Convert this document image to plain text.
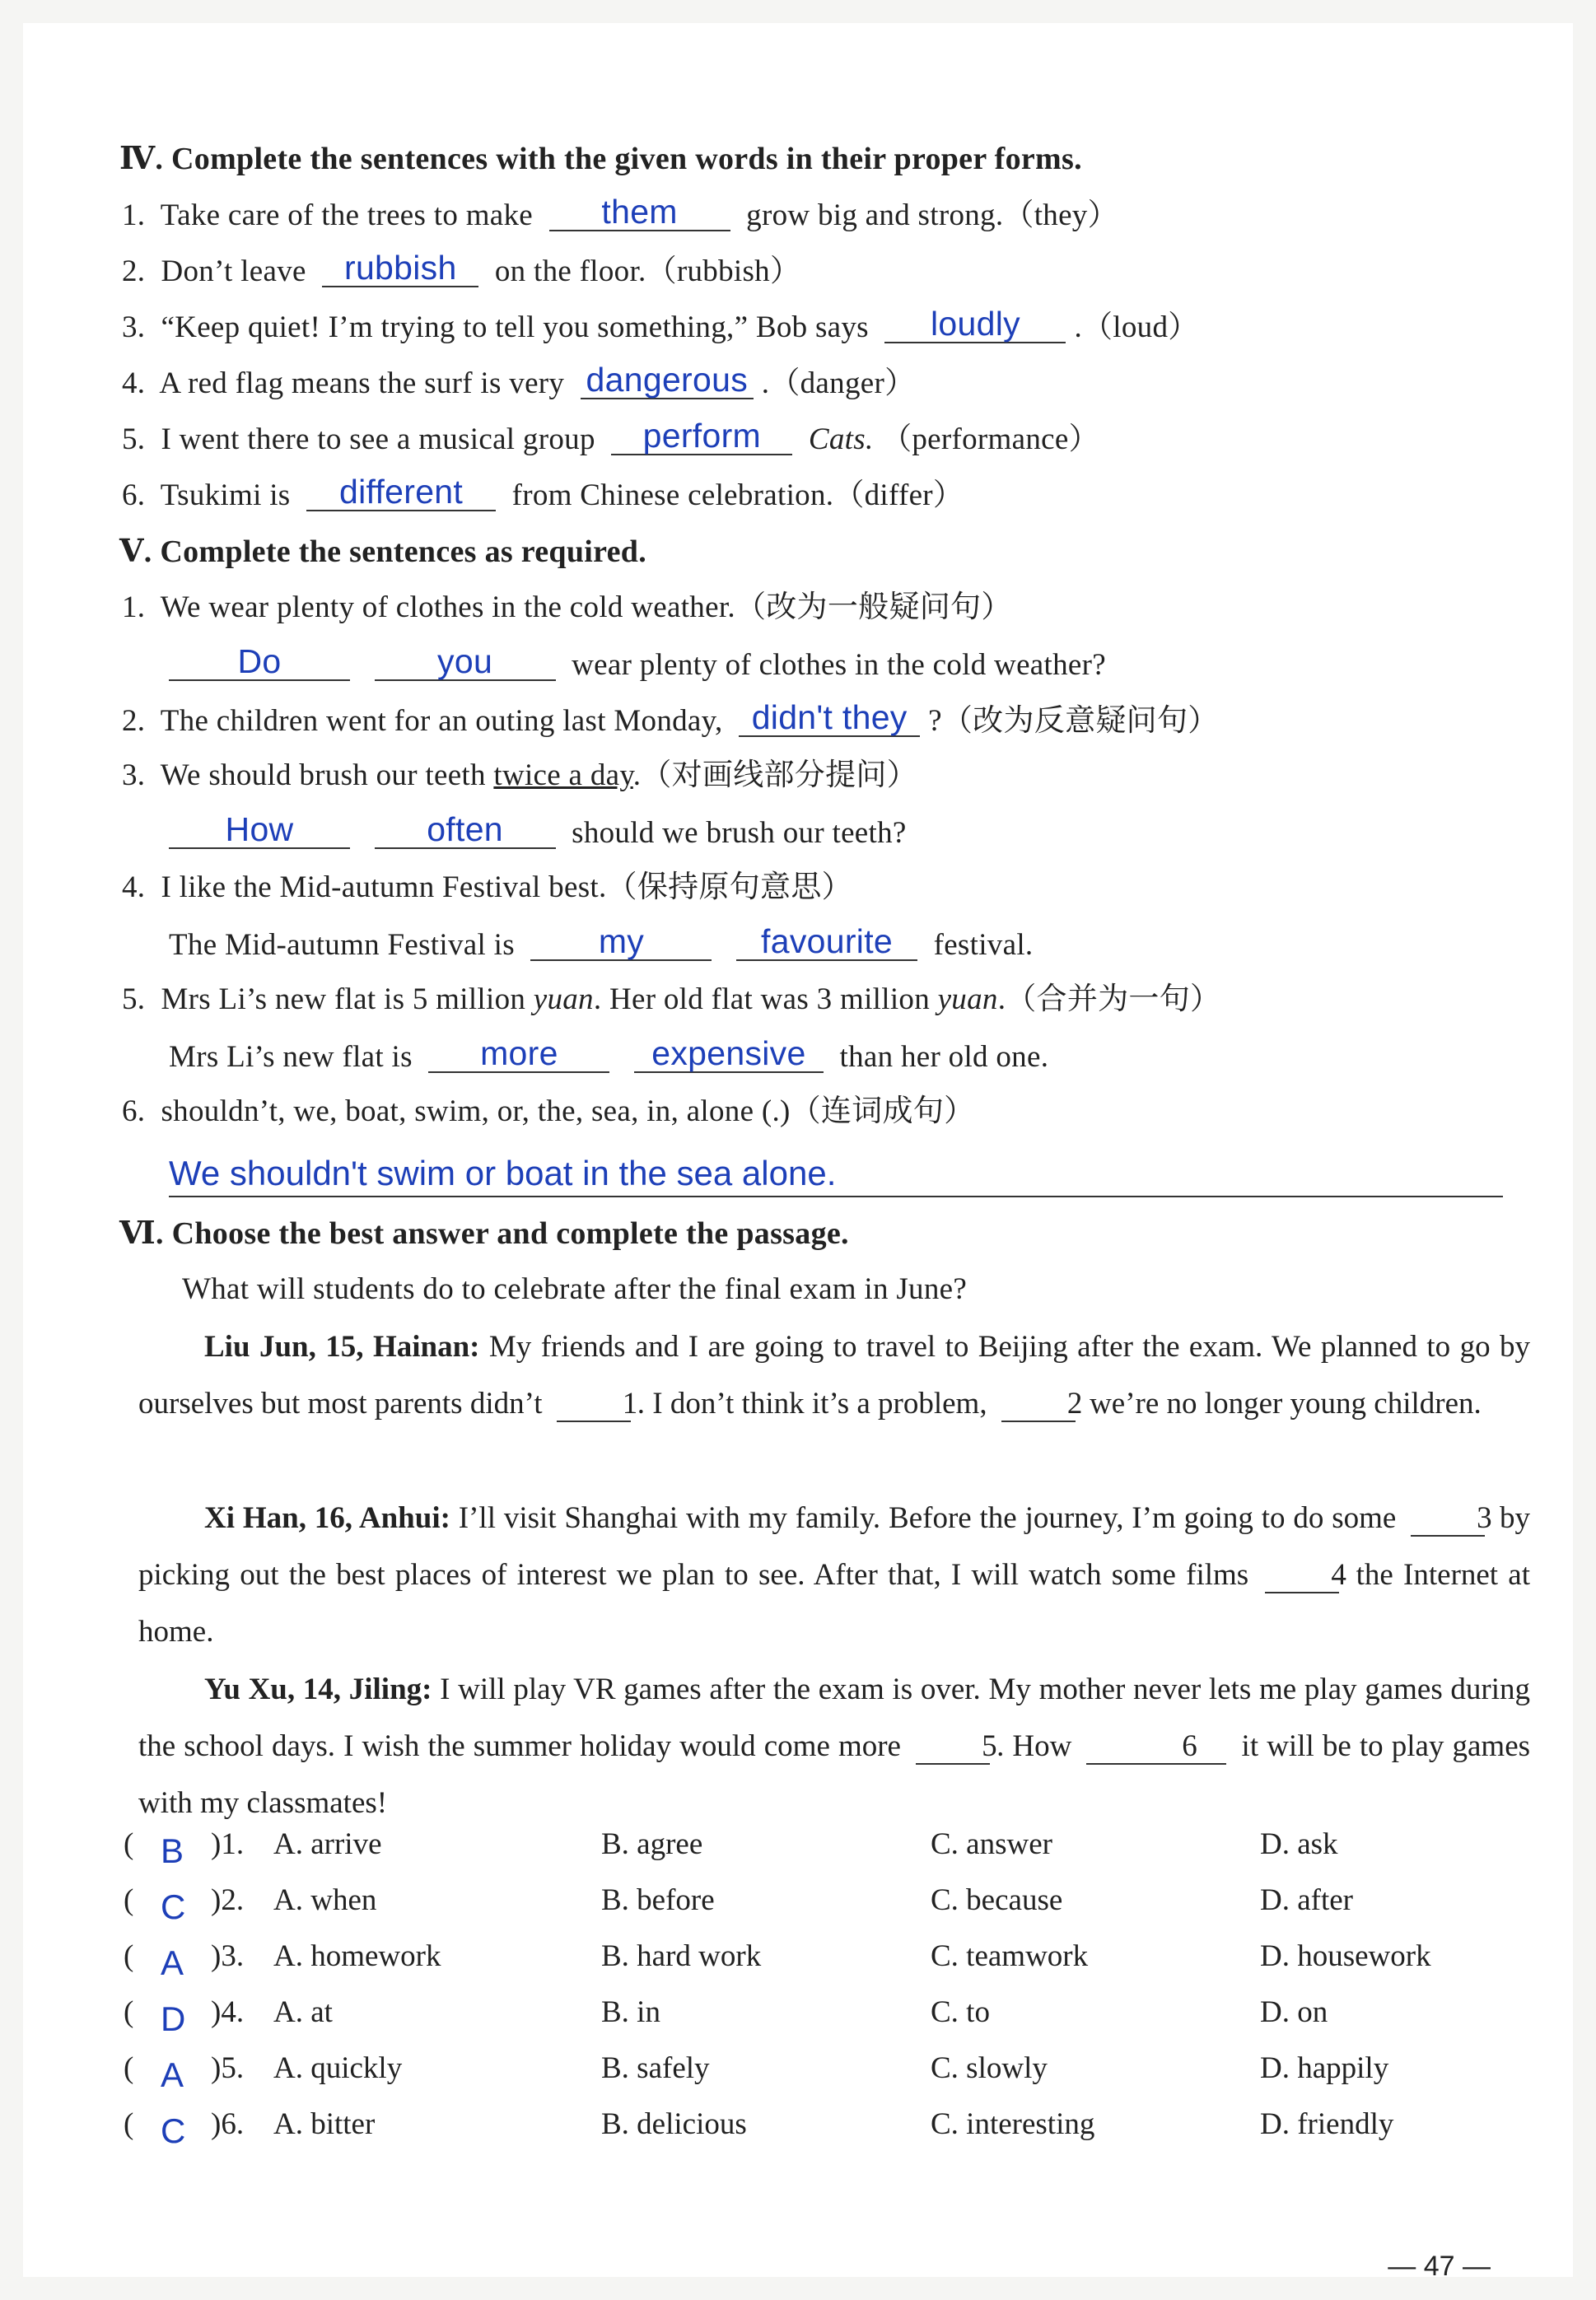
Ⅳ. Complete the sentences with the given words in their proper forms.
1. Take care of the trees to make them grow big and strong.（they）
2. Don’t leave rubbish on the floor.（rubbish）
3. “Keep quiet! I’m trying to tell you something,” Bob says loudly .（loud）
4. A red flag means the surf is very dangerous .（danger）
5. I went there to see a musical group perform Cats. （performance）
6. Tsukimi is different from Chinese celebration.（differ）
Ⅴ. Complete the sentences as required.
1. We wear plenty of clothes in the cold weather.（改为一般疑问句）
Do	you	wear plenty of clothes in the cold weather?
2. The children went for an outing last Monday, didn't they ?（改为反意疑问句）
3. We should brush our teeth twice a day.（对画线部分提问）
How	often should we brush our teeth?
4. I like the Mid-autumn Festival best.（保持原句意思）
The Mid-autumn Festival is my	favourite festival.
5. Mrs Li’s new flat is 5 million yuan. Her old flat was 3 million yuan.（合并为一句）
Mrs Li’s new flat is more	expensive than her old one.
6. shouldn’t, we, boat, swim, or, the, sea, in, alone (.)（连词成句）
We shouldn't swim or boat in the sea alone.
Ⅵ. Choose the best answer and complete the passage.
What will students do to celebrate after the final exam in June?
Liu Jun, 15, Hainan: My friends and I are going to travel to Beijing after the exam. We planned to go by ourselves but most parents didn’t	1. I don’t think it’s a problem,	2 we’re no longer young children.
Xi Han, 16, Anhui: I’ll visit Shanghai with my family. Before the journey, I’m going to do some	3 by picking out the best places of interest we plan to see. After that, I will watch some films	4 the Internet at home.
Yu Xu, 14, Jiling: I will play VR games after the exam is over. My mother never lets me play games during the school days. I wish the summer holiday would come more	5. How	6 it will be to play games with my classmates!
( B )1. A. arrive	B. agree	C. answer	D. ask
( C )2. A. when	B. before	C. because	D. after
( A )3. A. homework	B. hard work	C. teamwork	D. housework
( D )4. A. at	B. in	C. to	D. on
( A )5. A. quickly	B. safely	C. slowly	D. happily
( C )6. A. bitter	B. delicious	C. interesting	D. friendly
— 47 —
